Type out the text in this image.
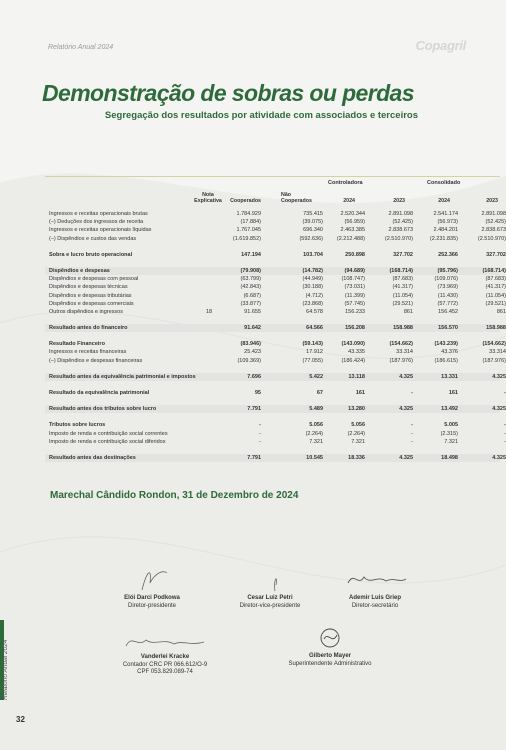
Relatório Anual 2024	Copagril
Demonstração de sobras ou perdas
Segregação dos resultados por atividade com associados e terceiros
Controladora	Consolidado
Nota Explicativa	Cooperados
Não Cooperados	2024	2023	2024	2023
Ingressos e receitas operacionais brutas	1.784.929	735.415	2.520.344	2.891.098	2.541.174	2.891.098
(–) Deduções dos ingressos de receita	(17.884)	(39.075)	(56.959)	(52.425)	(56.973)	(52.425)
Ingressos e receitas operacionais líquidas	1.767.045	696.340	2.463.385	2.838.673	2.484.201	2.838.673
(–) Dispêndios e custos das vendas	(1.619.852)	(592.636)	(2.212.488)	(2.510.970)	(2.231.835)	(2.510.970)
Sobra e lucro bruto operacional	147.194	103.704	250.898	327.702	252.366	327.702
Dispêndios e despesas	(79.908)	(14.782)	(94.689)	(168.714)	(95.796)	(168.714)
Dispêndios e despesas com pessoal	(63.799)	(44.949)	(108.747)	(87.683)	(109.076)	(87.683)
Dispêndios e despesas técnicas	(42.843)	(30.188)	(73.031)	(41.317)	(73.969)	(41.317)
Dispêndios e despesas tributárias	(6.687)	(4.712)	(11.399)	(11.054)	(11.430)	(11.054)
Dispêndios e despesas comerciais	(33.877)	(23.868)	(57.745)	(29.521)	(57.772)	(29.521)
Outros dispêndios e ingressos	18	91.655	64.578	156.233	861	156.452	861
Resultado antes do financeiro	91.642	64.566	156.208	158.988	156.570	158.988
Resultado Financeiro	(83.946)	(59.143)	(143.090)	(154.662)	(143.239)	(154.662)
Ingressos e receitas financeiras	25.423	17.912	43.335	33.314	43.376	33.314
(–) Dispêndios e despesas financeiras	(109.369)	(77.055)	(186.424)	(187.976)	(186.615)	(187.976)
Resultado antes da equivalência patrimonial e impostos	7.696	5.422	13.118	4.325	13.331	4.325
Resultado da equivalência patrimonial	95	67	161	-	161	-
Resultado antes dos tributos sobre lucro	7.791	5.489	13.280	4.325	13.492	4.325
Tributos sobre lucros	-	5.056	5.056	-	5.005	-
Imposto de renda e contribuição social correntes	-	(2.264)	(2.264)	-	(2.315)	-
Imposto de renda e contribuição social diferidos	-	7.321	7.321	-	7.321	-
Resultado antes das destinações	7.791	10.545	18.336	4.325	18.498	4.325
Marechal Cândido Rondon, 31 de Dezembro de 2024
Elói Darci Podkowa
Diretor-presidente
Cesar Luiz Petri
Diretor-vice-presidente
Ademir Luis Griep
Diretor-secretário
Vanderlei Kracke
Contador CRC PR 066.612/O-9
CPF 053.829.089-74
Gilberto Mayer
Superintendente Administrativo
Relatório Anual 2024
32
